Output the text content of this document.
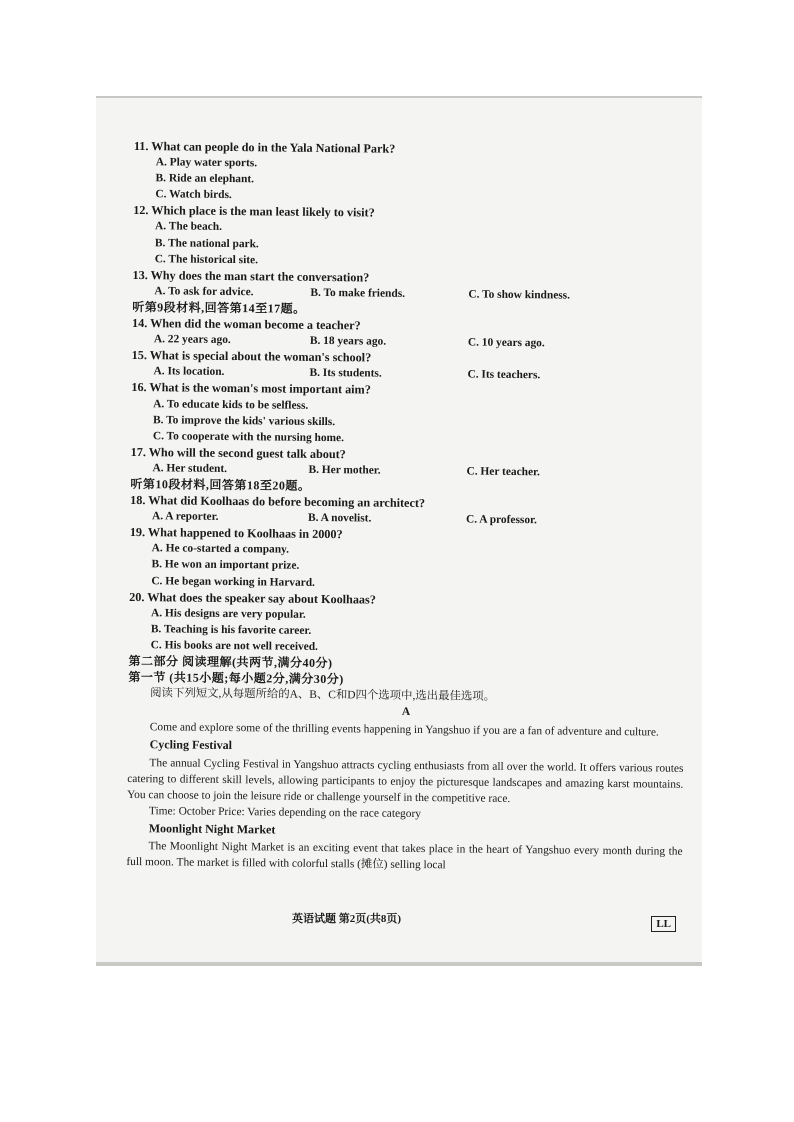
11. What can people do in the Yala National Park?

A. Play water sports.

B. Ride an elephant.

C. Watch birds.

12. Which place is the man least likely to visit?

A. The beach.

B. The national park.

C. The historical site.

13. Why does the man start the conversation?

A. To ask for advice.	B. To make friends.	C. To show kindness.

听第9段材料,回答第14至17题。

14. When did the woman become a teacher?

A. 22 years ago.	B. 18 years ago.	C. 10 years ago.

15. What is special about the woman's school?

A. Its location.	B. Its students.	C. Its teachers.

16. What is the woman's most important aim?

A. To educate kids to be selfless.

B. To improve the kids' various skills.

C. To cooperate with the nursing home.

17. Who will the second guest talk about?

A. Her student.	B. Her mother.	C. Her teacher.

听第10段材料,回答第18至20题。

18. What did Koolhaas do before becoming an architect?

A. A reporter.	B. A novelist.	C. A professor.

19. What happened to Koolhaas in 2000?

A. He co-started a company.

B. He won an important prize.

C. He began working in Harvard.

20. What does the speaker say about Koolhaas?

A. His designs are very popular.

B. Teaching is his favorite career.

C. His books are not well received.

第二部分 阅读理解(共两节,满分40分)

第一节 (共15小题;每小题2分,满分30分)

阅读下列短文,从每题所给的A、B、C和D四个选项中,选出最佳选项。

A

Come and explore some of the thrilling events happening in Yangshuo if you are a fan of adventure and culture.

Cycling Festival

The annual Cycling Festival in Yangshuo attracts cycling enthusiasts from all over the world. It offers various routes catering to different skill levels, allowing participants to enjoy the picturesque landscapes and amazing karst mountains. You can choose to join the leisure ride or challenge yourself in the competitive race.

Time: October Price: Varies depending on the race category

Moonlight Night Market

The Moonlight Night Market is an exciting event that takes place in the heart of Yangshuo every month during the full moon. The market is filled with colorful stalls (摊位) selling local

英语试题 第2页(共8页)	LL
